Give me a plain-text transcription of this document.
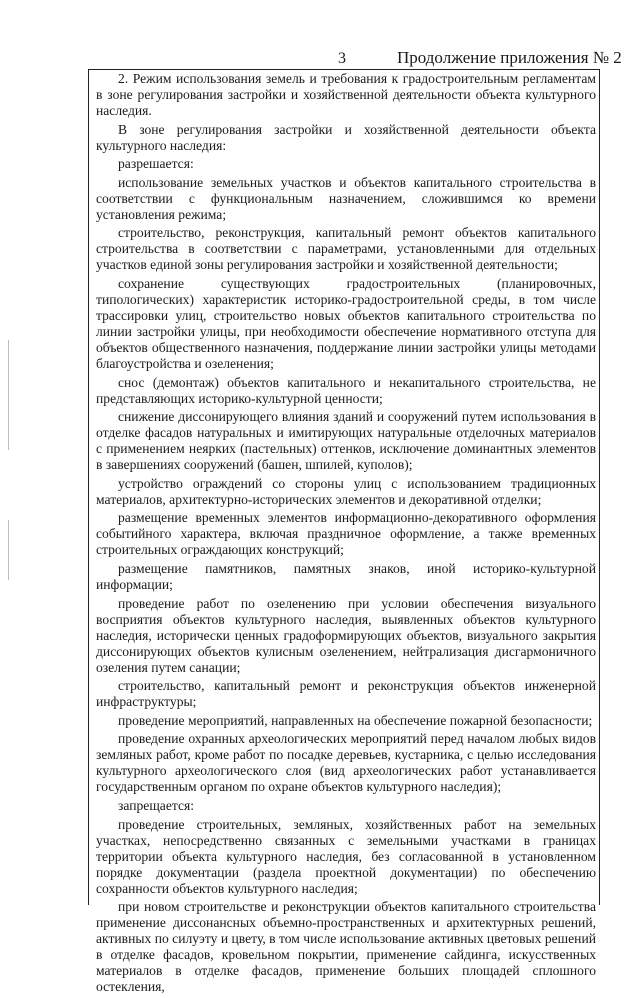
3	Продолжение приложения № 2

2. Режим использования земель и требования к градостроительным регламентам в зоне регулирования застройки и хозяйственной деятельности объекта культурного наследия.

В зоне регулирования застройки и хозяйственной деятельности объекта культурного наследия:

разрешается:

использование земельных участков и объектов капитального строительства в соответствии с функциональным назначением, сложившимся ко времени установления режима;

строительство, реконструкция, капитальный ремонт объектов капитального строительства в соответствии с параметрами, установленными для отдельных участков единой зоны регулирования застройки и хозяйственной деятельности;

сохранение существующих градостроительных (планировочных, типологических) характеристик историко-градостроительной среды, в том числе трассировки улиц, строительство новых объектов капитального строительства по линии застройки улицы, при необходимости обеспечение нормативного отступа для объектов общественного назначения, поддержание линии застройки улицы методами благоустройства и озеленения;

снос (демонтаж) объектов капитального и некапитального строительства, не представляющих историко-культурной ценности;

снижение диссонирующего влияния зданий и сооружений путем использования в отделке фасадов натуральных и имитирующих натуральные отделочных материалов с применением неярких (пастельных) оттенков, исключение доминантных элементов в завершениях сооружений (башен, шпилей, куполов);

устройство ограждений со стороны улиц с использованием традиционных материалов, архитектурно-исторических элементов и декоративной отделки;

размещение временных элементов информационно-декоративного оформления событийного характера, включая праздничное оформление, а также временных строительных ограждающих конструкций;

размещение памятников, памятных знаков, иной историко-культурной информации;

проведение работ по озеленению при условии обеспечения визуального восприятия объектов культурного наследия, выявленных объектов культурного наследия, исторически ценных градоформирующих объектов, визуального закрытия диссонирующих объектов кулисным озеленением, нейтрализация дисгармоничного озеления путем санации;

строительство, капитальный ремонт и реконструкция объектов инженерной инфраструктуры;

проведение мероприятий, направленных на обеспечение пожарной безопасности;

проведение охранных археологических мероприятий перед началом любых видов земляных работ, кроме работ по посадке деревьев, кустарника, с целью исследования культурного археологического слоя (вид археологических работ устанавливается государственным органом по охране объектов культурного наследия);

запрещается:

проведение строительных, земляных, хозяйственных работ на земельных участках, непосредственно связанных с земельными участками в границах территории объекта культурного наследия, без согласованной в установленном порядке документации (раздела проектной документации) по обеспечению сохранности объектов культурного наследия;

при новом строительстве и реконструкции объектов капитального строительства применение диссонансных объемно-пространственных и архитектурных решений, активных по силуэту и цвету, в том числе использование активных цветовых решений в отделке фасадов, кровельном покрытии, применение сайдинга, искусственных материалов в отделке фасадов, применение больших площадей сплошного остекления,
